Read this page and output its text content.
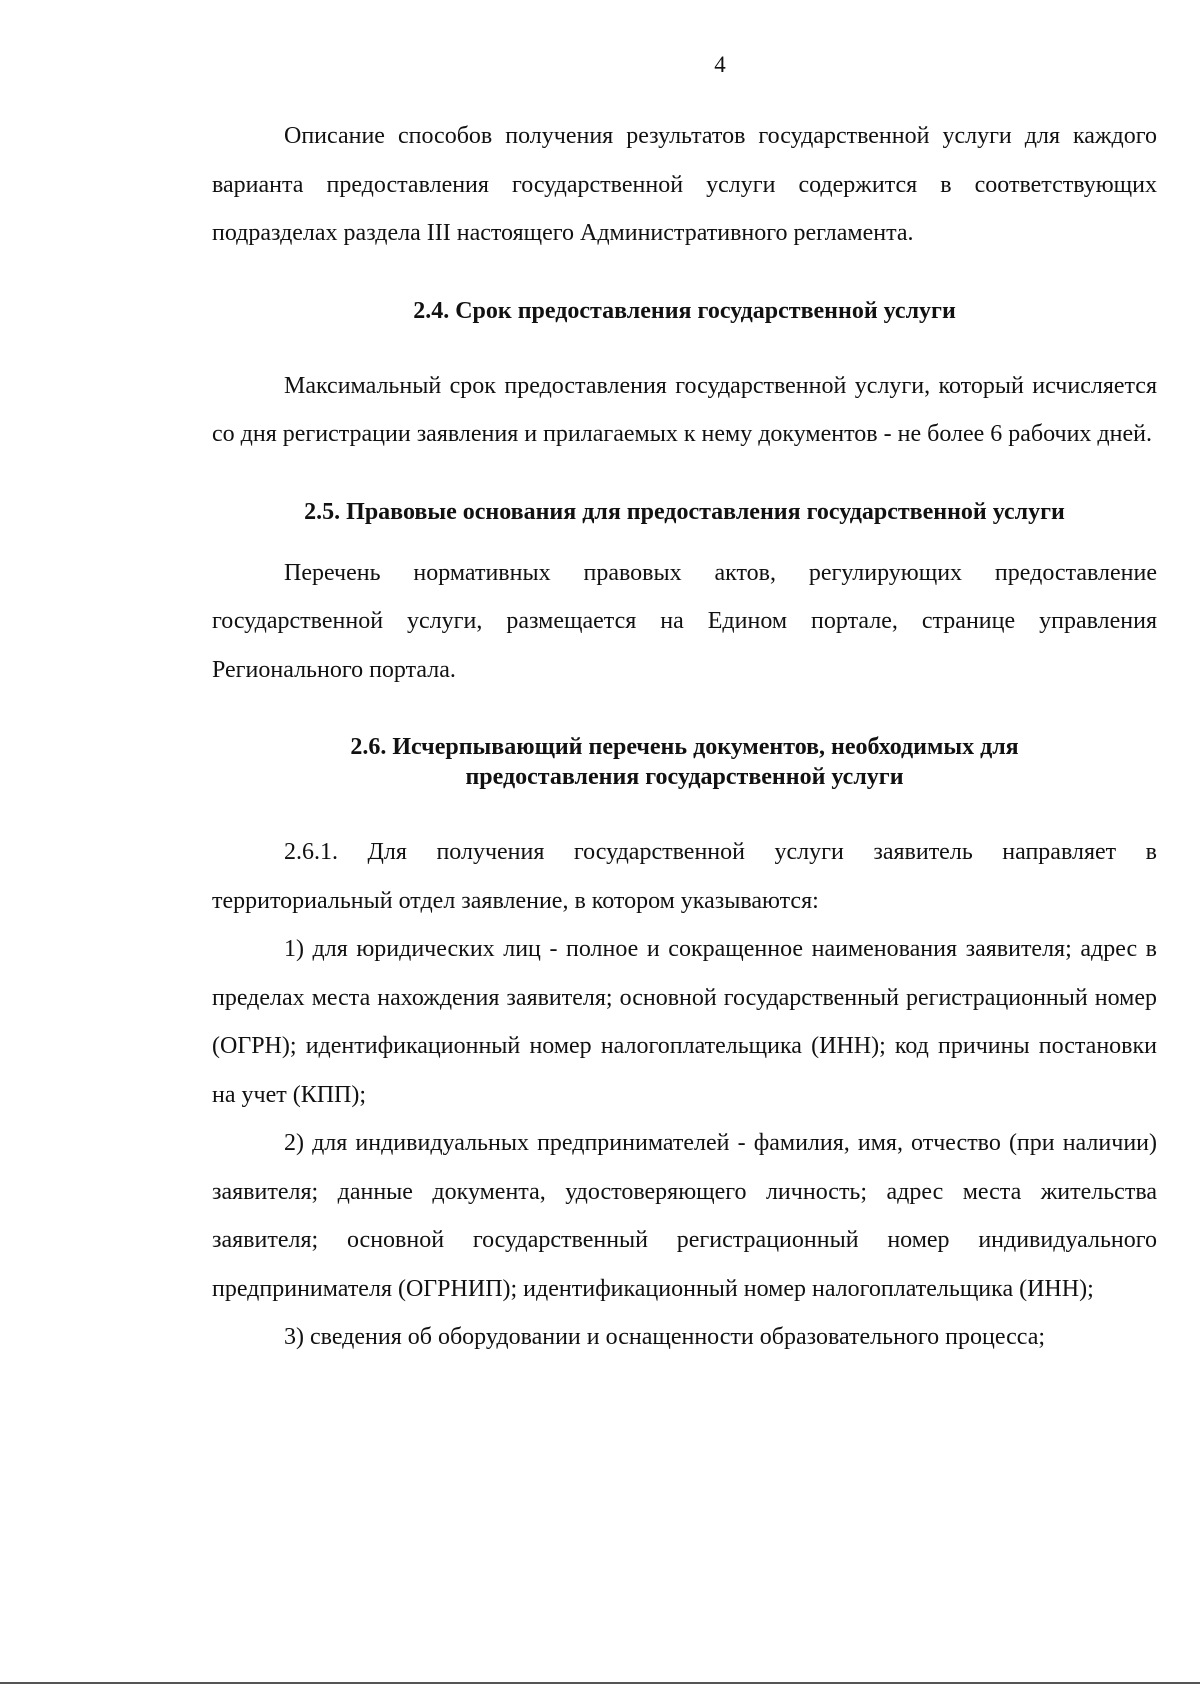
4

Описание способов получения результатов государственной услуги для каждого варианта предоставления государственной услуги содержится в соответствующих подразделах раздела III настоящего Административного регламента.

2.4. Срок предоставления государственной услуги

Максимальный срок предоставления государственной услуги, который исчисляется со дня регистрации заявления и прилагаемых к нему документов - не более 6 рабочих дней.

2.5. Правовые основания для предоставления государственной услуги

Перечень нормативных правовых актов, регулирующих предоставление государственной услуги, размещается на Едином портале, странице управления Регионального портала.

2.6. Исчерпывающий перечень документов, необходимых для предоставления государственной услуги

2.6.1. Для получения государственной услуги заявитель направляет в территориальный отдел заявление, в котором указываются:

1) для юридических лиц - полное и сокращенное наименования заявителя; адрес в пределах места нахождения заявителя; основной государственный регистрационный номер (ОГРН); идентификационный номер налогоплательщика (ИНН); код причины постановки на учет (КПП);

2) для индивидуальных предпринимателей - фамилия, имя, отчество (при наличии) заявителя; данные документа, удостоверяющего личность; адрес места жительства заявителя; основной государственный регистрационный номер индивидуального предпринимателя (ОГРНИП); идентификационный номер налогоплательщика (ИНН);

3) сведения об оборудовании и оснащенности образовательного процесса;
